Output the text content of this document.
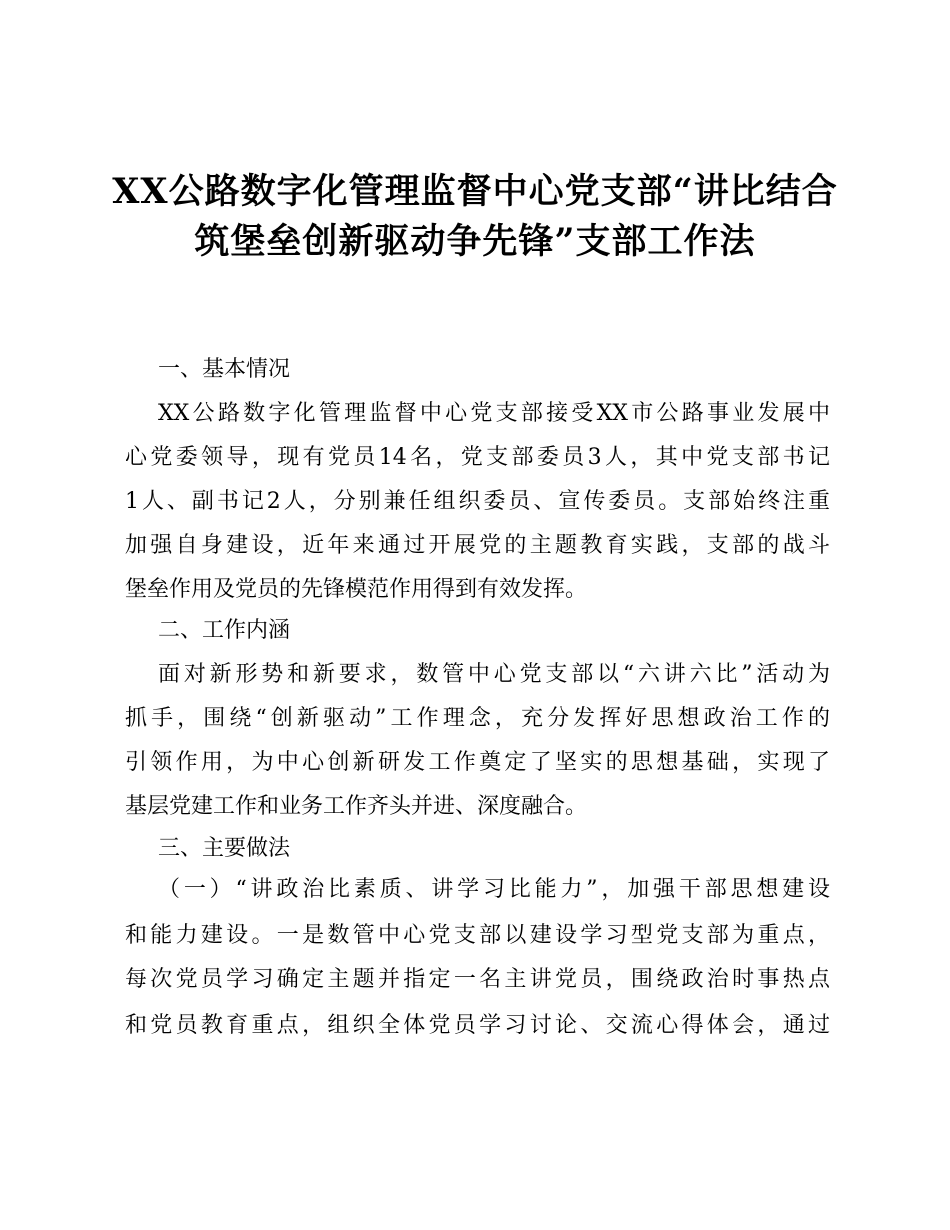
XX公路数字化管理监督中心党支部“讲比结合
筑堡垒创新驱动争先锋”支部工作法
一、基本情况
XX公路数字化管理监督中心党支部接受XX市公路事业发展中
心党委领导，现有党员14名，党支部委员3人，其中党支部书记
1人、副书记2人，分别兼任组织委员、宣传委员。支部始终注重
加强自身建设，近年来通过开展党的主题教育实践，支部的战斗
堡垒作用及党员的先锋模范作用得到有效发挥。
二、工作内涵
面对新形势和新要求，数管中心党支部以“六讲六比”活动为
抓手，围绕“创新驱动”工作理念，充分发挥好思想政治工作的
引领作用，为中心创新研发工作奠定了坚实的思想基础，实现了
基层党建工作和业务工作齐头并进、深度融合。
三、主要做法
（一）“讲政治比素质、讲学习比能力”，加强干部思想建设
和能力建设。一是数管中心党支部以建设学习型党支部为重点，
每次党员学习确定主题并指定一名主讲党员，围绕政治时事热点
和党员教育重点，组织全体党员学习讨论、交流心得体会，通过
